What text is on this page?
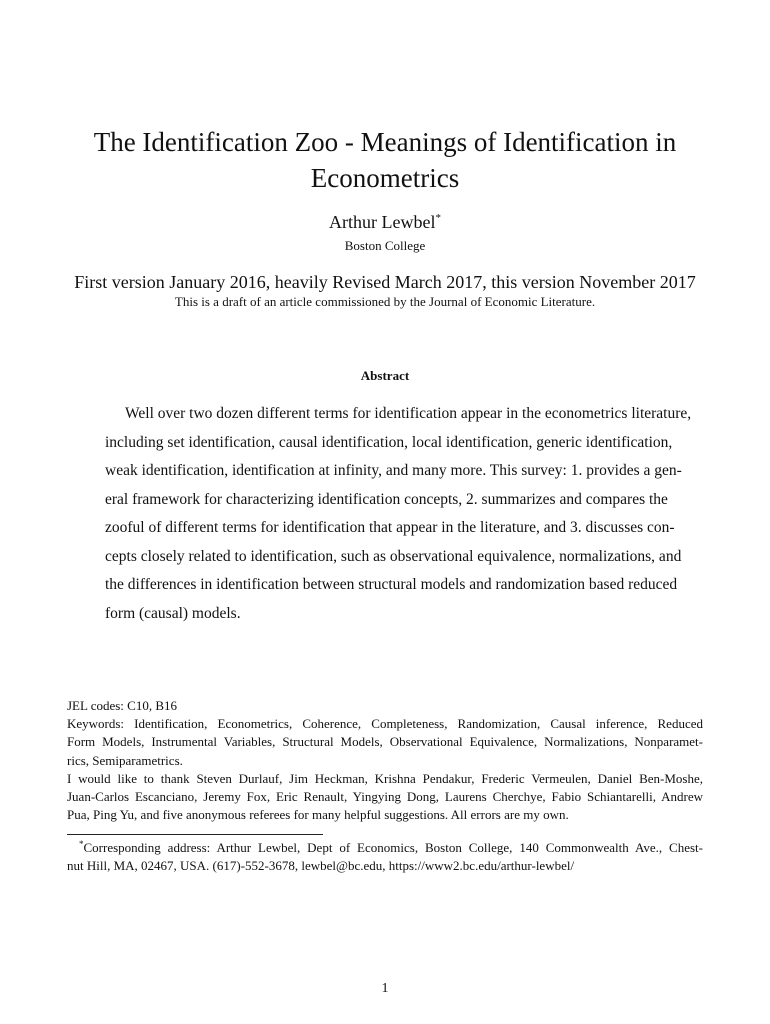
The Identification Zoo - Meanings of Identification in Econometrics
Arthur Lewbel*
Boston College
First version January 2016, heavily Revised March 2017, this version November 2017
This is a draft of an article commissioned by the Journal of Economic Literature.
Abstract
Well over two dozen different terms for identification appear in the econometrics literature,
including set identification, causal identification, local identification, generic identification,
weak identification, identification at infinity, and many more. This survey: 1. provides a gen-
eral framework for characterizing identification concepts, 2. summarizes and compares the
zooful of different terms for identification that appear in the literature, and 3. discusses con-
cepts closely related to identification, such as observational equivalence, normalizations, and
the differences in identification between structural models and randomization based reduced
form (causal) models.
JEL codes: C10, B16
Keywords: Identification, Econometrics, Coherence, Completeness, Randomization, Causal inference, Reduced
Form Models, Instrumental Variables, Structural Models, Observational Equivalence, Normalizations, Nonparamet-
rics, Semiparametrics.
I would like to thank Steven Durlauf, Jim Heckman, Krishna Pendakur, Frederic Vermeulen, Daniel Ben-Moshe,
Juan-Carlos Escanciano, Jeremy Fox, Eric Renault, Yingying Dong, Laurens Cherchye, Fabio Schiantarelli, Andrew
Pua, Ping Yu, and five anonymous referees for many helpful suggestions. All errors are my own.
*Corresponding address: Arthur Lewbel, Dept of Economics, Boston College, 140 Commonwealth Ave., Chest-
nut Hill, MA, 02467, USA. (617)-552-3678, lewbel@bc.edu, https://www2.bc.edu/arthur-lewbel/
1
